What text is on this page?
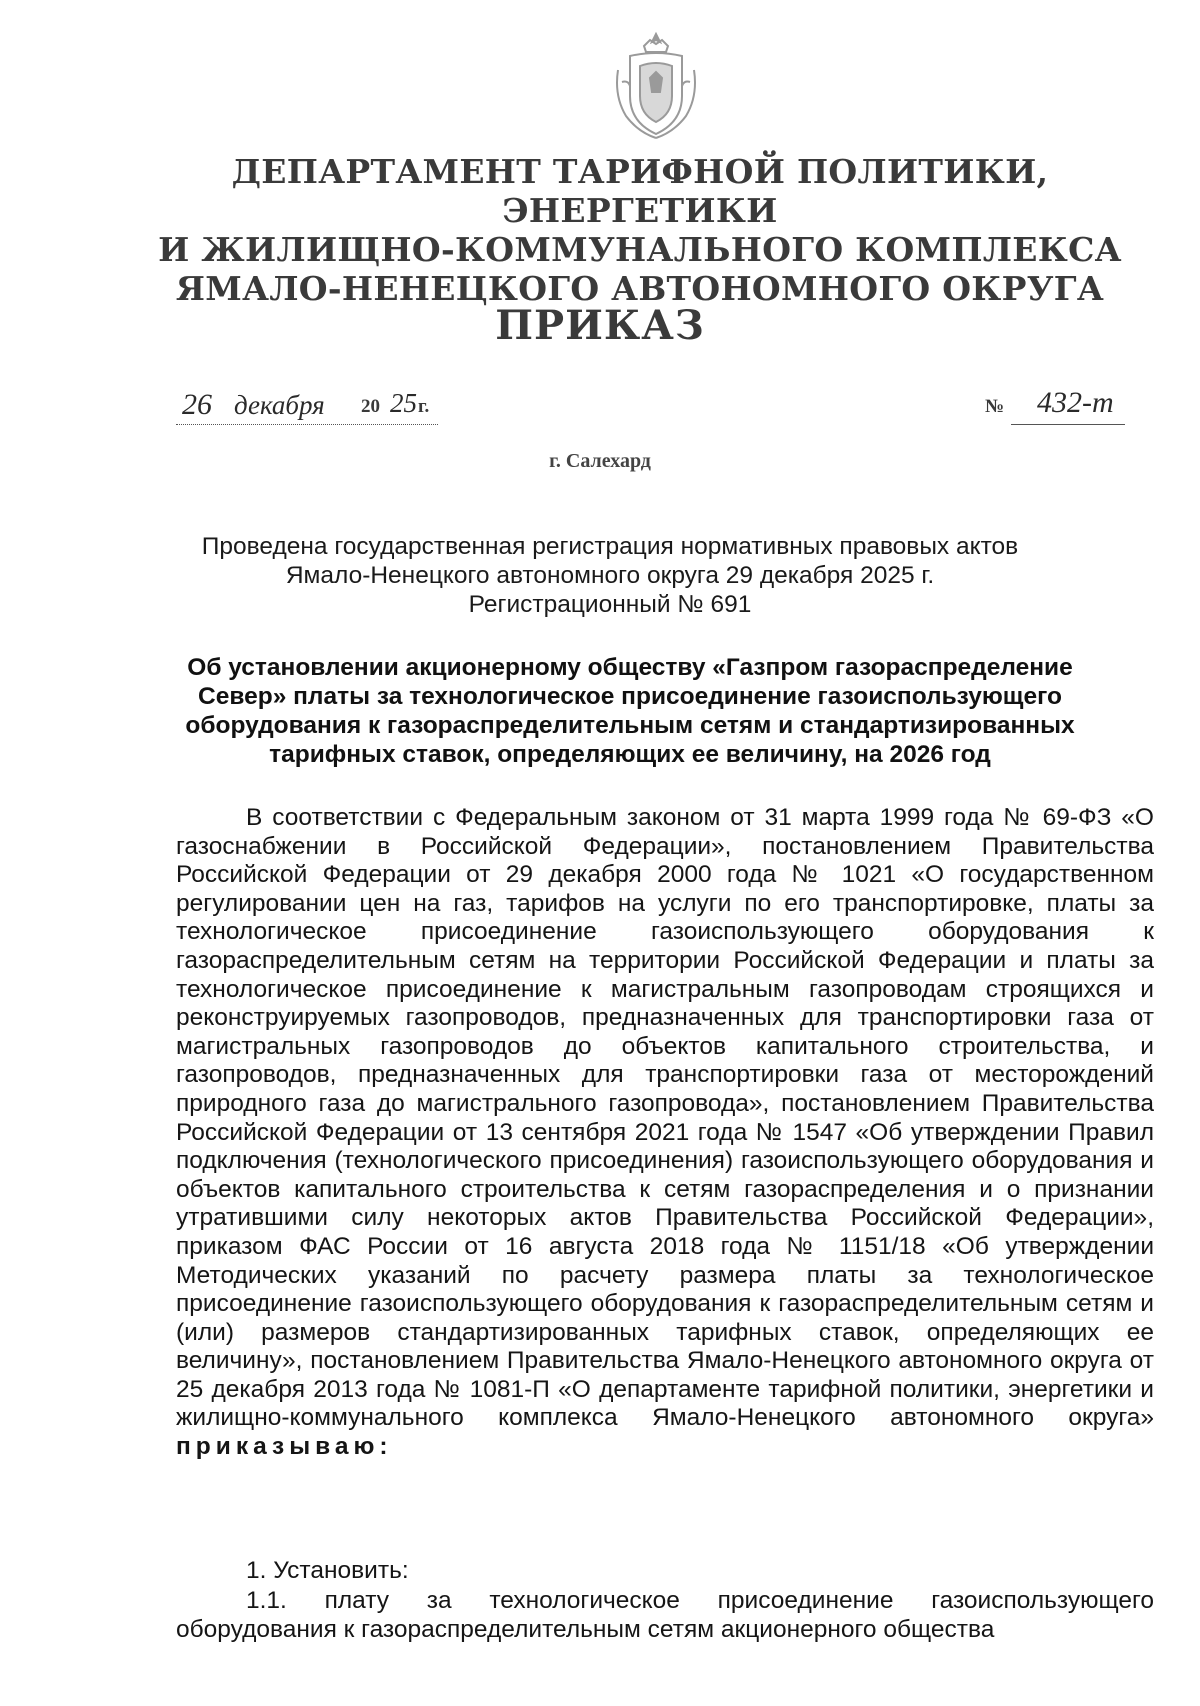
ДЕПАРТАМЕНТ ТАРИФНОЙ ПОЛИТИКИ, ЭНЕРГЕТИКИ
И ЖИЛИЩНО-КОММУНАЛЬНОГО КОМПЛЕКСА
ЯМАЛО-НЕНЕЦКОГО АВТОНОМНОГО ОКРУГА
ПРИКАЗ
26 декабря 20 25 г.	№ 432-т
г. Салехард
Проведена государственная регистрация нормативных правовых актов
Ямало-Ненецкого автономного округа 29 декабря 2025 г.
Регистрационный № 691
Об установлении акционерному обществу «Газпром газораспределение
Север» платы за технологическое присоединение газоиспользующего
оборудования к газораспределительным сетям и стандартизированных
тарифных ставок, определяющих ее величину, на 2026 год

В соответствии с Федеральным законом от 31 марта 1999 года № 69-ФЗ «О газоснабжении в Российской Федерации», постановлением Правительства Российской Федерации от 29 декабря 2000 года № 1021 «О государственном регулировании цен на газ, тарифов на услуги по его транспортировке, платы за технологическое присоединение газоиспользующего оборудования к газораспределительным сетям на территории Российской Федерации и платы за технологическое присоединение к магистральным газопроводам строящихся и реконструируемых газопроводов, предназначенных для транспортировки газа от магистральных газопроводов до объектов капитального строительства, и газопроводов, предназначенных для транспортировки газа от месторождений природного газа до магистрального газопровода», постановлением Правительства Российской Федерации от 13 сентября 2021 года № 1547 «Об утверждении Правил подключения (технологического присоединения) газоиспользующего оборудования и объектов капитального строительства к сетям газораспределения и о признании утратившими силу некоторых актов Правительства Российской Федерации», приказом ФАС России от 16 августа 2018 года № 1151/18 «Об утверждении Методических указаний по расчету размера платы за технологическое присоединение газоиспользующего оборудования к газораспределительным сетям и (или) размеров стандартизированных тарифных ставок, определяющих ее величину», постановлением Правительства Ямало-Ненецкого автономного округа от 25 декабря 2013 года № 1081-П «О департаменте тарифной политики, энергетики и жилищно-коммунального комплекса Ямало-Ненецкого автономного округа» приказываю:

1. Установить:

1.1. плату за технологическое присоединение газоиспользующего оборудования к газораспределительным сетям акционерного общества
